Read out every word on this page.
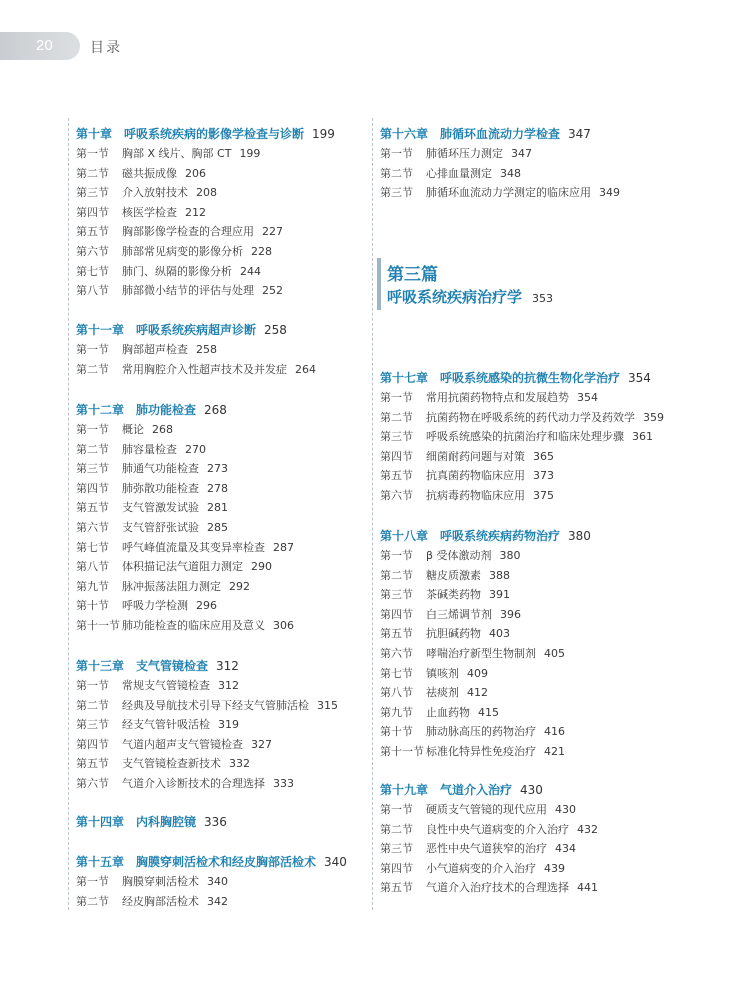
20	目录
第十章　呼吸系统疾病的影像学检查与诊断 199
第一节 胸部 X 线片、胸部 CT 199
第二节 磁共振成像 206
第三节 介入放射技术 208
第四节 核医学检查 212
第五节 胸部影像学检查的合理应用 227
第六节 肺部常见病变的影像分析 228
第七节 肺门、纵隔的影像分析 244
第八节 肺部微小结节的评估与处理 252
第十一章　呼吸系统疾病超声诊断 258
第一节 胸部超声检查 258
第二节 常用胸腔介入性超声技术及并发症 264
第十二章　肺功能检查 268
第一节 概论 268
第二节 肺容量检查 270
第三节 肺通气功能检查 273
第四节 肺弥散功能检查 278
第五节 支气管激发试验 281
第六节 支气管舒张试验 285
第七节 呼气峰值流量及其变异率检查 287
第八节 体积描记法气道阻力测定 290
第九节 脉冲振荡法阻力测定 292
第十节 呼吸力学检测 296
第十一节 肺功能检查的临床应用及意义 306
第十三章　支气管镜检查 312
第一节 常规支气管镜检查 312
第二节 经典及导航技术引导下经支气管肺活检 315
第三节 经支气管针吸活检 319
第四节 气道内超声支气管镜检查 327
第五节 支气管镜检查新技术 332
第六节 气道介入诊断技术的合理选择 333
第十四章　内科胸腔镜 336
第十五章　胸膜穿刺活检术和经皮胸部活检术 340
第一节 胸膜穿刺活检术 340
第二节 经皮胸部活检术 342
第十六章　肺循环血流动力学检查 347
第一节 肺循环压力测定 347
第二节 心排血量测定 348
第三节 肺循环血流动力学测定的临床应用 349
第十七章　呼吸系统感染的抗微生物化学治疗 354
第一节 常用抗菌药物特点和发展趋势 354
第二节 抗菌药物在呼吸系统的药代动力学及药效学 359
第三节 呼吸系统感染的抗菌治疗和临床处理步骤 361
第四节 细菌耐药问题与对策 365
第五节 抗真菌药物临床应用 373
第六节 抗病毒药物临床应用 375
第十八章　呼吸系统疾病药物治疗 380
第一节 β 受体激动剂 380
第二节 糖皮质激素 388
第三节 茶碱类药物 391
第四节 白三烯调节剂 396
第五节 抗胆碱药物 403
第六节 哮喘治疗新型生物制剂 405
第七节 镇咳剂 409
第八节 祛痰剂 412
第九节 止血药物 415
第十节 肺动脉高压的药物治疗 416
第十一节 标准化特异性免疫治疗 421
第十九章　气道介入治疗 430
第一节 硬质支气管镜的现代应用 430
第二节 良性中央气道病变的介入治疗 432
第三节 恶性中央气道狭窄的治疗 434
第四节 小气道病变的介入治疗 439
第五节 气道介入治疗技术的合理选择 441
第三篇
呼吸系统疾病治疗学 353
